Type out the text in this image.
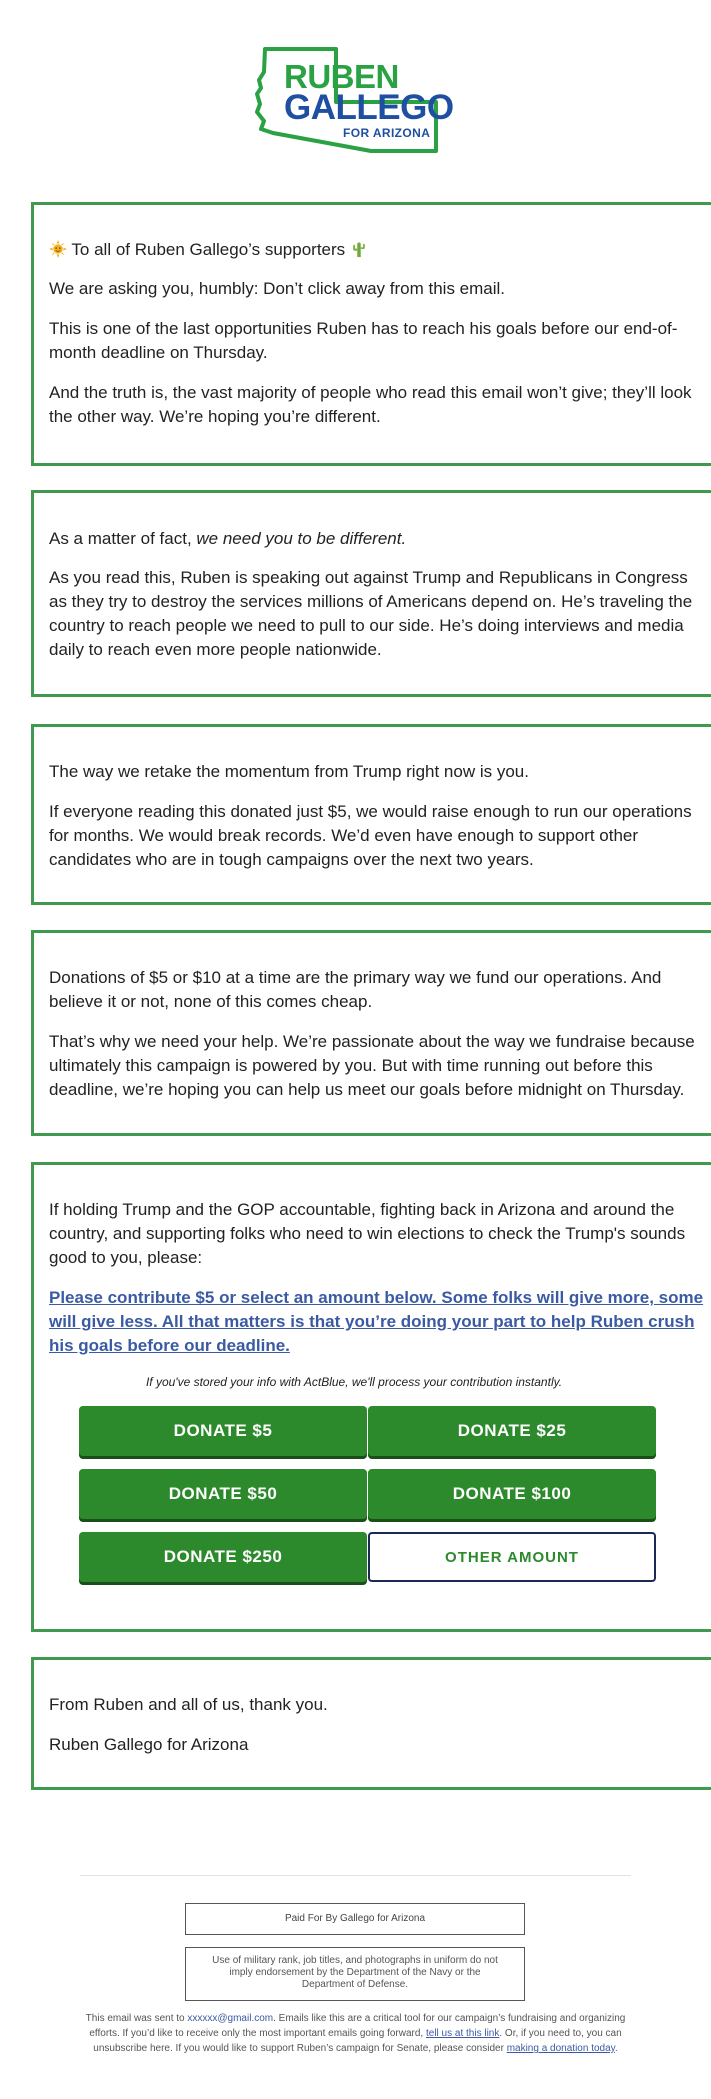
RUBEN
GALLEGO
FOR ARIZONA

To all of Ruben Gallego’s supporters

We are asking you, humbly: Don’t click away from this email.

This is one of the last opportunities Ruben has to reach his goals before our end-of-month deadline on Thursday.

And the truth is, the vast majority of people who read this email won’t give; they’ll look the other way. We’re hoping you’re different.

As a matter of fact, we need you to be different.

As you read this, Ruben is speaking out against Trump and Republicans in Congress as they try to destroy the services millions of Americans depend on. He’s traveling the country to reach people we need to pull to our side. He’s doing interviews and media daily to reach even more people nationwide.

The way we retake the momentum from Trump right now is you.

If everyone reading this donated just $5, we would raise enough to run our operations for months. We would break records. We’d even have enough to support other candidates who are in tough campaigns over the next two years.

Donations of $5 or $10 at a time are the primary way we fund our operations. And believe it or not, none of this comes cheap.

That’s why we need your help. We’re passionate about the way we fundraise because ultimately this campaign is powered by you. But with time running out before this deadline, we’re hoping you can help us meet our goals before midnight on Thursday.

If holding Trump and the GOP accountable, fighting back in Arizona and around the country, and supporting folks who need to win elections to check the Trump's sounds good to you, please:

Please contribute $5 or select an amount below. Some folks will give more, some will give less. All that matters is that you’re doing your part to help Ruben crush his goals before our deadline.
If you've stored your info with ActBlue, we'll process your contribution instantly.
DONATE $5	DONATE $25
DONATE $50	DONATE $100
DONATE $250	OTHER AMOUNT

From Ruben and all of us, thank you.

Ruben Gallego for Arizona

Paid For By Gallego for Arizona
Use of military rank, job titles, and photographs in uniform do not imply endorsement by the Department of the Navy or the Department of Defense.
This email was sent to xxxxxx@gmail.com. Emails like this are a critical tool for our campaign’s fundraising and organizing efforts. If you’d like to receive only the most important emails going forward, tell us at this link. Or, if you need to, you can unsubscribe here. If you would like to support Ruben’s campaign for Senate, please consider making a donation today.
